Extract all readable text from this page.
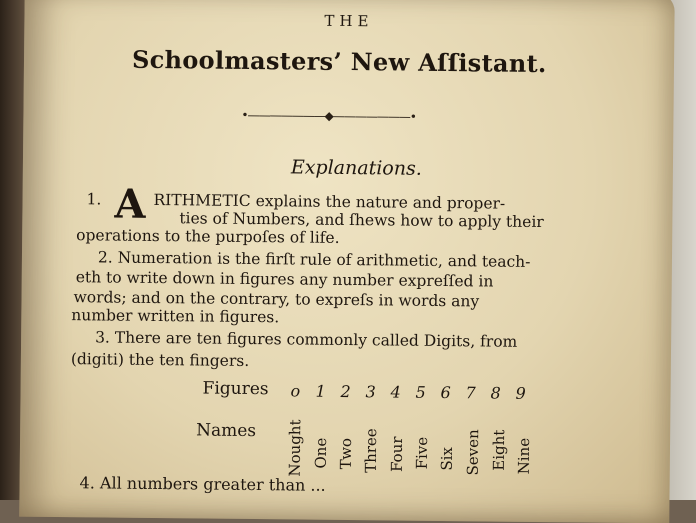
THE
Schoolmasters’ New Aſſistant.
•———————◆———————•
Explanations.
1. A RITHMETIC explains the nature and proper-
ties of Numbers, and ſhews how to apply their
operations to the purpoſes of life.
2. Numeration is the firſt rule of arithmetic, and teach-
eth to write down in figures any number expreſſed in
words; and on the contrary, to expreſs in words any
number written in figures.
3. There are ten figures commonly called Digits, from
(digiti) the ten fingers.
Figures o 1 2 3 4 5 6 7 8 9
Names Nought One Two Three Four Five Six Seven Eight Nine
4. All numbers greater than ...
